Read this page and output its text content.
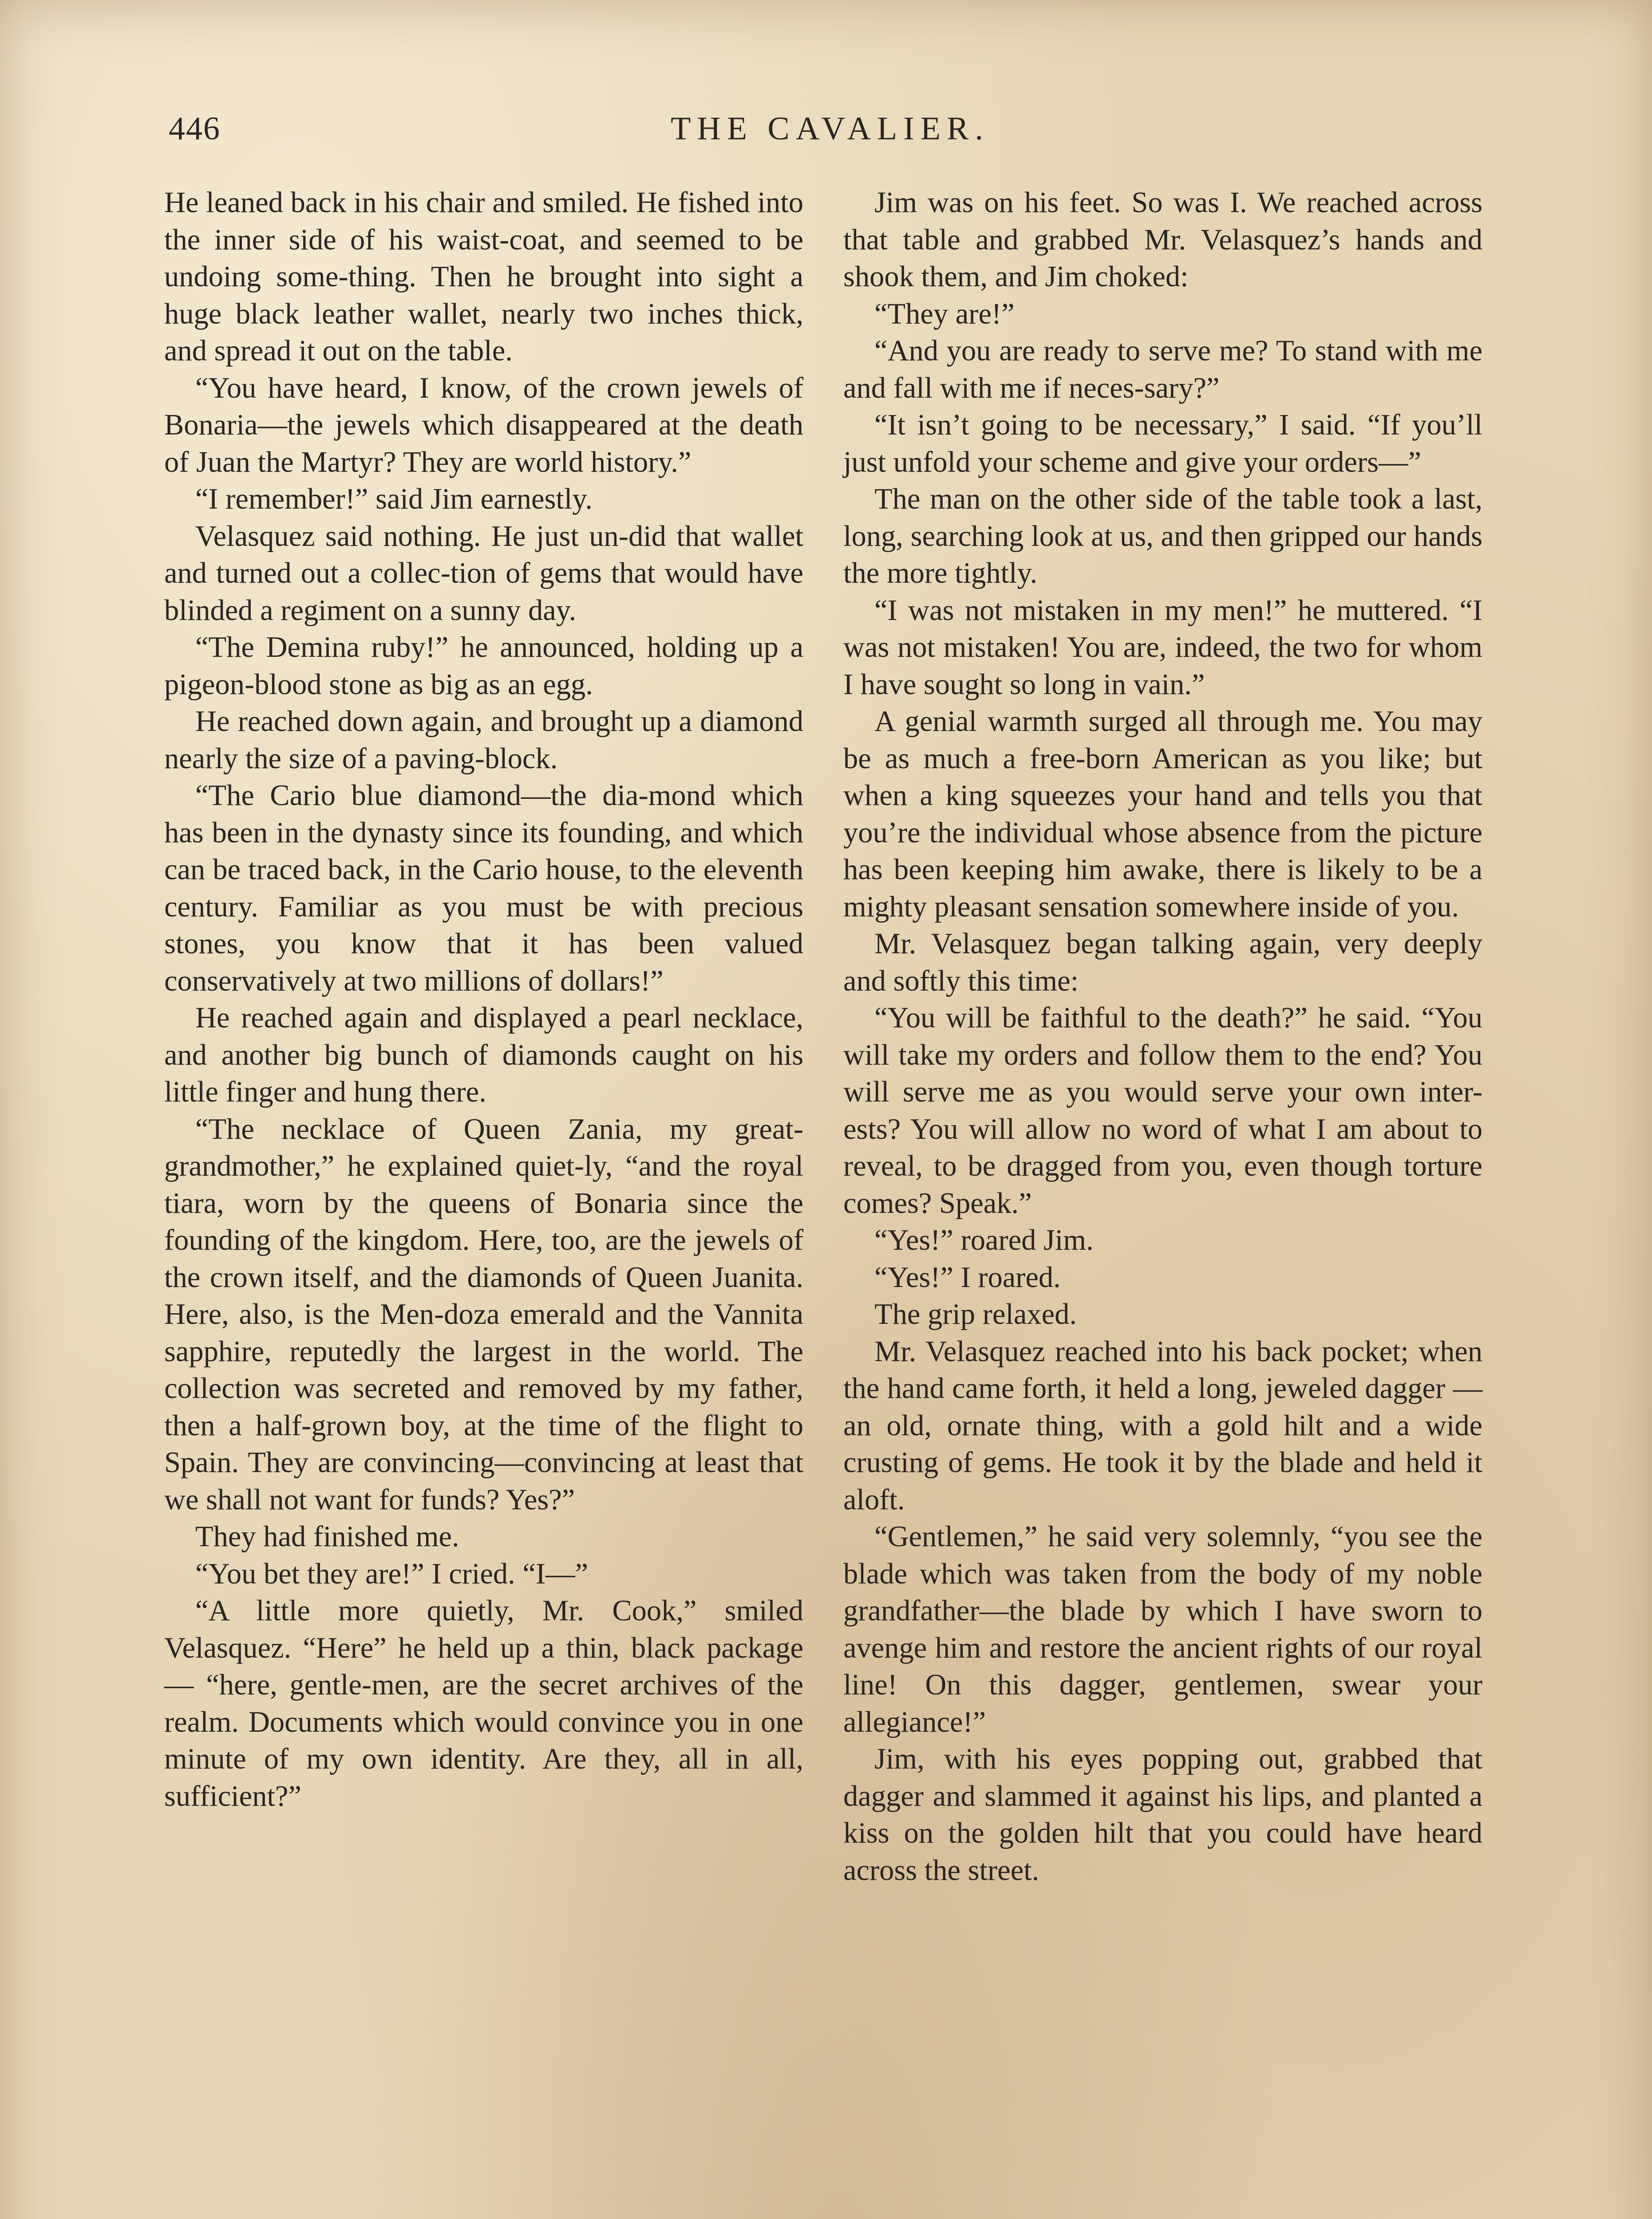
446	THE CAVALIER.

He leaned back in his chair and smiled. He fished into the inner side of his waist-coat, and seemed to be undoing some-thing. Then he brought into sight a huge black leather wallet, nearly two inches thick, and spread it out on the table.

“You have heard, I know, of the crown jewels of Bonaria—the jewels which disappeared at the death of Juan the Martyr? They are world history.”

“I remember!” said Jim earnestly.

Velasquez said nothing. He just un-did that wallet and turned out a collec-tion of gems that would have blinded a regiment on a sunny day.

“The Demina ruby!” he announced, holding up a pigeon-blood stone as big as an egg.

He reached down again, and brought up a diamond nearly the size of a paving-block.

“The Cario blue diamond—the dia-mond which has been in the dynasty since its founding, and which can be traced back, in the Cario house, to the eleventh century. Familiar as you must be with precious stones, you know that it has been valued conservatively at two millions of dollars!”

He reached again and displayed a pearl necklace, and another big bunch of diamonds caught on his little finger and hung there.

“The necklace of Queen Zania, my great-grandmother,” he explained quiet-ly, “and the royal tiara, worn by the queens of Bonaria since the founding of the kingdom. Here, too, are the jewels of the crown itself, and the diamonds of Queen Juanita. Here, also, is the Men-doza emerald and the Vannita sapphire, reputedly the largest in the world. The collection was secreted and removed by my father, then a half-grown boy, at the time of the flight to Spain. They are convincing—convincing at least that we shall not want for funds? Yes?”

They had finished me.

“You bet they are!” I cried. “I—”

“A little more quietly, Mr. Cook,” smiled Velasquez. “Here” he held up a thin, black package — “here, gentle-men, are the secret archives of the realm. Documents which would convince you in one minute of my own identity. Are they, all in all, sufficient?”

Jim was on his feet. So was I. We reached across that table and grabbed Mr. Velasquez’s hands and shook them, and Jim choked:

“They are!”

“And you are ready to serve me? To stand with me and fall with me if neces-sary?”

“It isn’t going to be necessary,” I said. “If you’ll just unfold your scheme and give your orders—”

The man on the other side of the table took a last, long, searching look at us, and then gripped our hands the more tightly.

“I was not mistaken in my men!” he muttered. “I was not mistaken! You are, indeed, the two for whom I have sought so long in vain.”

A genial warmth surged all through me. You may be as much a free-born American as you like; but when a king squeezes your hand and tells you that you’re the individual whose absence from the picture has been keeping him awake, there is likely to be a mighty pleasant sensation somewhere inside of you.

Mr. Velasquez began talking again, very deeply and softly this time:

“You will be faithful to the death?” he said. “You will take my orders and follow them to the end? You will serve me as you would serve your own inter-ests? You will allow no word of what I am about to reveal, to be dragged from you, even though torture comes? Speak.”

“Yes!” roared Jim.

“Yes!” I roared.

The grip relaxed.

Mr. Velasquez reached into his back pocket; when the hand came forth, it held a long, jeweled dagger — an old, ornate thing, with a gold hilt and a wide crusting of gems. He took it by the blade and held it aloft.

“Gentlemen,” he said very solemnly, “you see the blade which was taken from the body of my noble grandfather—the blade by which I have sworn to avenge him and restore the ancient rights of our royal line! On this dagger, gentlemen, swear your allegiance!”

Jim, with his eyes popping out, grabbed that dagger and slammed it against his lips, and planted a kiss on the golden hilt that you could have heard across the street.
